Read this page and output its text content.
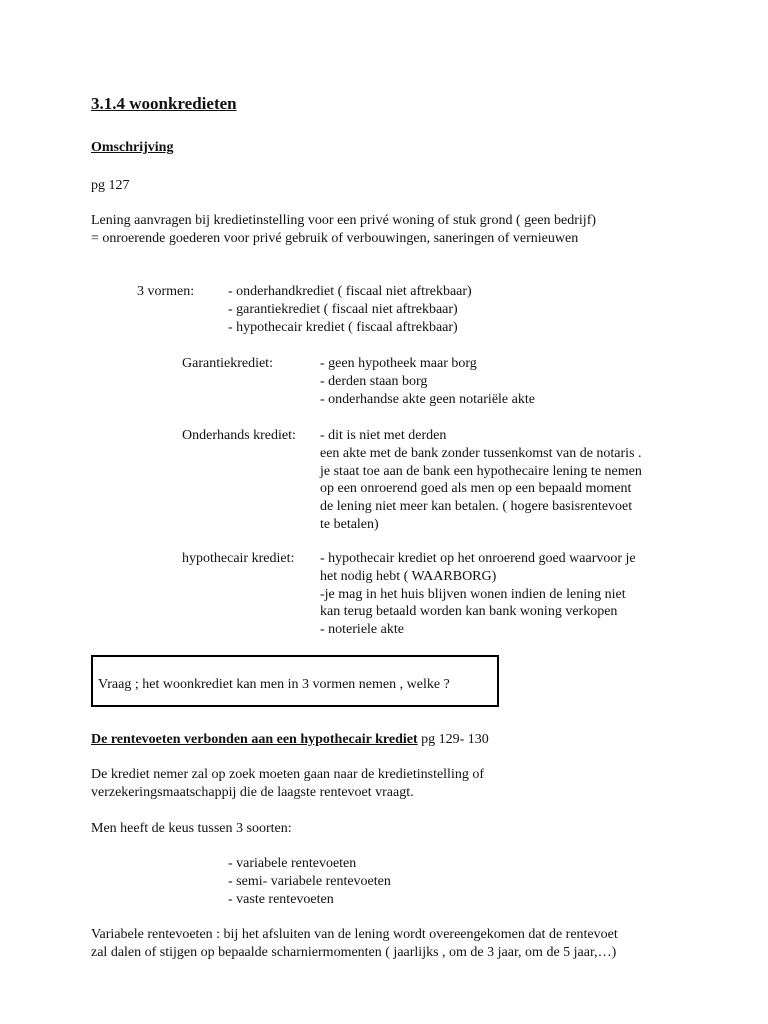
3.1.4 woonkredieten
Omschrijving
pg 127
Lening aanvragen bij kredietinstelling voor een privé woning of stuk grond ( geen bedrijf)
= onroerende goederen voor privé gebruik of verbouwingen, saneringen of vernieuwen
3 vormen: - onderhandkrediet ( fiscaal niet aftrekbaar)
- garantiekrediet ( fiscaal niet aftrekbaar)
- hypothecair krediet ( fiscaal aftrekbaar)
Garantiekrediet:	- geen hypotheek maar borg
- derden staan borg
- onderhandse akte geen notariële akte
Onderhands krediet: - dit is niet met derden
een akte met de bank zonder tussenkomst van de notaris .
je staat toe aan de bank een hypothecaire lening te nemen
op een onroerend goed als men op een bepaald moment
de lening niet meer kan betalen. ( hogere basisrentevoet
te betalen)
hypothecair krediet: - hypothecair krediet op het onroerend goed waarvoor je
het nodig hebt ( WAARBORG)
-je mag in het huis blijven wonen indien de lening niet
kan terug betaald worden kan bank woning verkopen
- noteriele akte
Vraag ; het woonkrediet kan men in 3 vormen nemen , welke ?
De rentevoeten verbonden aan een hypothecair krediet pg 129- 130
De krediet nemer zal op zoek moeten gaan naar de kredietinstelling of
verzekeringsmaatschappij die de laagste rentevoet vraagt.
Men heeft de keus tussen 3 soorten:
- variabele rentevoeten
- semi- variabele rentevoeten
- vaste rentevoeten
Variabele rentevoeten : bij het afsluiten van de lening wordt overeengekomen dat de rentevoet
zal dalen of stijgen op bepaalde scharniermomenten ( jaarlijks , om de 3 jaar, om de 5 jaar,…)
